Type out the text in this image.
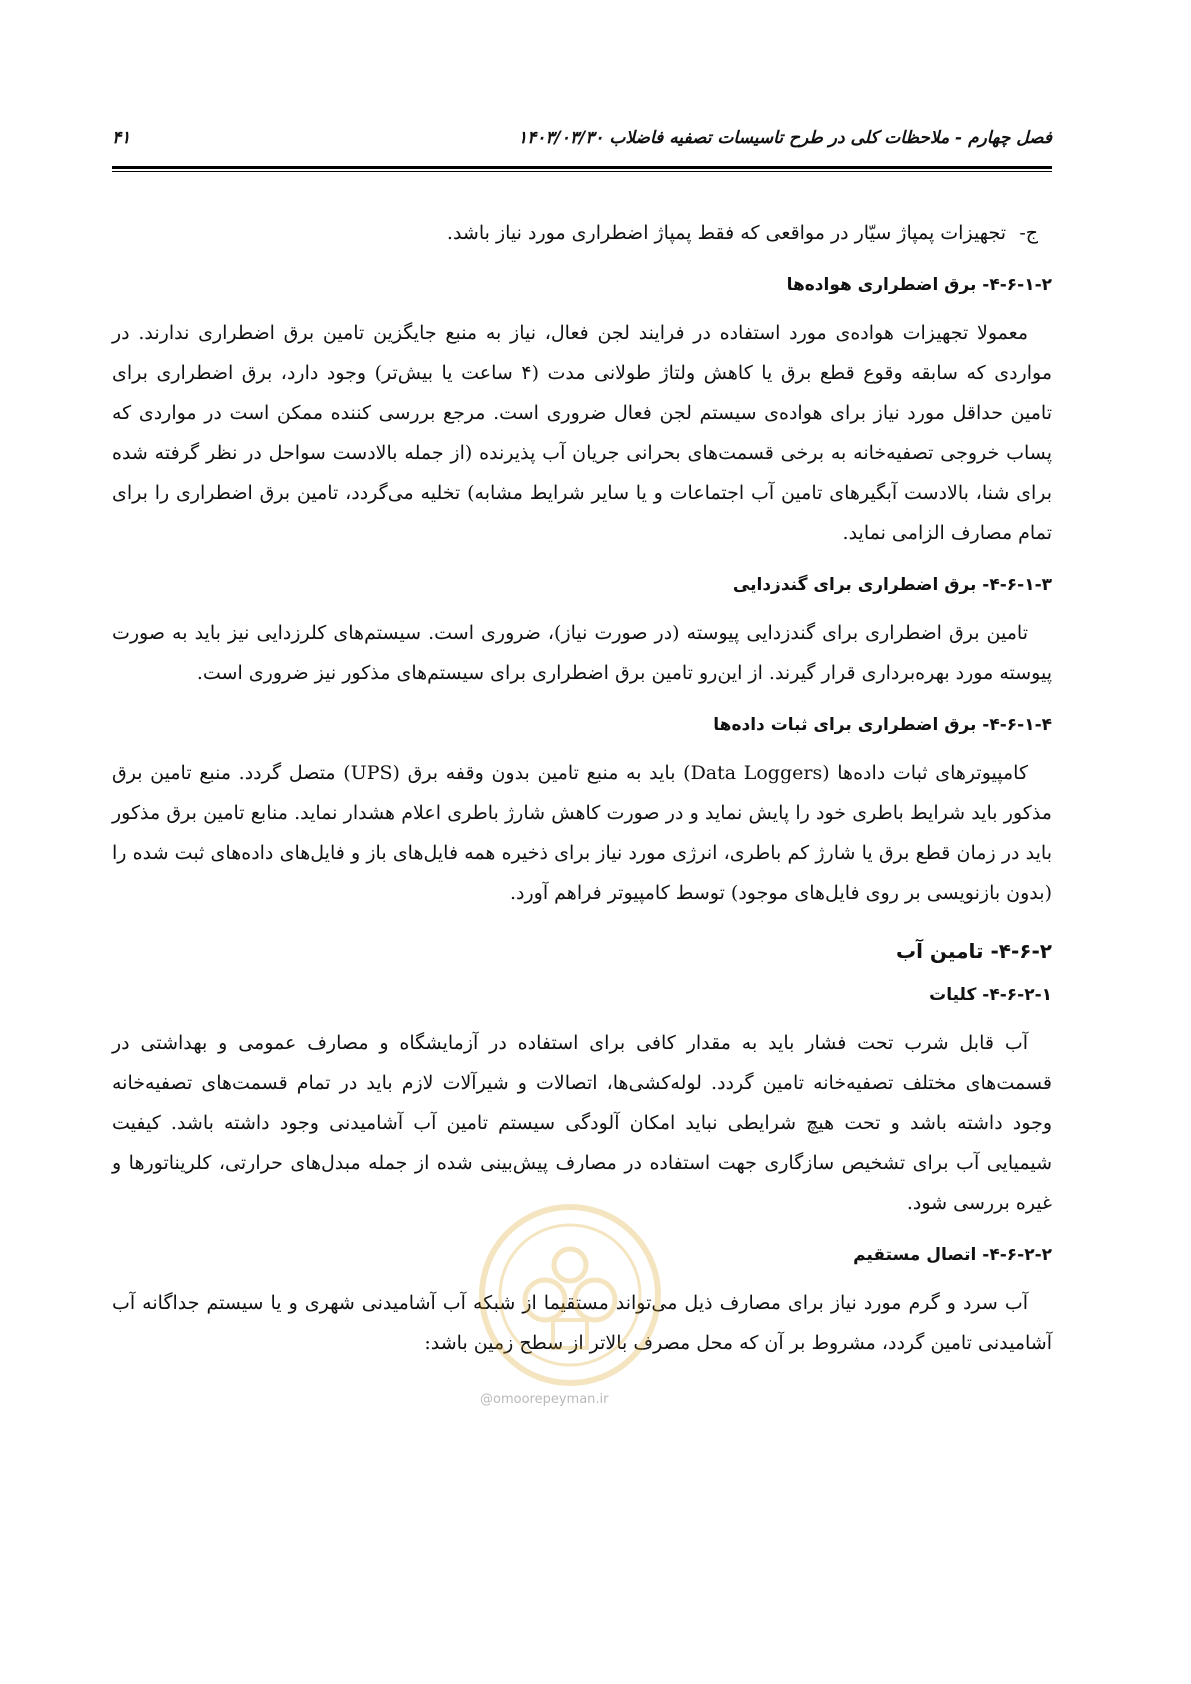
فصل چهارم - ملاحظات کلی در طرح تاسیسات تصفیه فاضلاب ۱۴۰۳/۰۳/۳۰
۴۱

ج-تجهیزات پمپاژ سیّار در مواقعی که فقط پمپاژ اضطراری مورد نیاز باشد.

۴-۶-۱-۲- برق اضطراری هواده‌ها

معمولا تجهیزات هواده‌ی مورد استفاده در فرایند لجن فعال، نیاز به منبع جایگزین تامین برق اضطراری ندارند. در مواردی که سابقه وقوع قطع برق یا کاهش ولتاژ طولانی مدت (۴ ساعت یا بیش‌تر) وجود دارد، برق اضطراری برای تامین حداقل مورد نیاز برای هواده‌ی سیستم لجن فعال ضروری است. مرجع بررسی کننده ممکن است در مواردی که پساب خروجی تصفیه‌خانه به برخی قسمت‌های بحرانی جریان آب پذیرنده (از جمله بالادست سواحل در نظر گرفته شده برای شنا، بالادست آبگیرهای تامین آب اجتماعات و یا سایر شرایط مشابه) تخلیه می‌گردد، تامین برق اضطراری را برای تمام مصارف الزامی نماید.

۴-۶-۱-۳- برق اضطراری برای گندزدایی

تامین برق اضطراری برای گندزدایی پیوسته (در صورت نیاز)، ضروری است. سیستم‌های کلرزدایی نیز باید به صورت پیوسته مورد بهره‌برداری قرار گیرند. از این‌رو تامین برق اضطراری برای سیستم‌های مذکور نیز ضروری است.

۴-۶-۱-۴- برق اضطراری برای ثبات داده‌ها

کامپیوترهای ثبات داده‌ها (Data Loggers) باید به منبع تامین بدون وقفه برق (UPS) متصل گردد. منبع تامین برق مذکور باید شرایط باطری خود را پایش نماید و در صورت کاهش شارژ باطری اعلام هشدار نماید. منابع تامین برق مذکور باید در زمان قطع برق یا شارژ کم باطری، انرژی مورد نیاز برای ذخیره همه فایل‌های باز و فایل‌های داده‌های ثبت شده را (بدون بازنویسی بر روی فایل‌های موجود) توسط کامپیوتر فراهم آورد.

۴-۶-۲- تامین آب
۴-۶-۲-۱- کلیات

آب قابل شرب تحت فشار باید به مقدار کافی برای استفاده در آزمایشگاه و مصارف عمومی و بهداشتی در قسمت‌های مختلف تصفیه‌خانه تامین گردد. لوله‌کشی‌ها، اتصالات و شیرآلات لازم باید در تمام قسمت‌های تصفیه‌خانه وجود داشته باشد و تحت هیچ شرایطی نباید امکان آلودگی سیستم تامین آب آشامیدنی وجود داشته باشد. کیفیت شیمیایی آب برای تشخیص سازگاری جهت استفاده در مصارف پیش‌بینی شده از جمله مبدل‌های حرارتی، کلریناتورها و غیره بررسی شود.

۴-۶-۲-۲- اتصال مستقیم

آب سرد و گرم مورد نیاز برای مصارف ذیل می‌تواند مستقیما از شبکه آب آشامیدنی شهری و یا سیستم جداگانه آب آشامیدنی تامین گردد، مشروط بر آن که محل مصرف بالاتر از سطح زمین باشد:

@omoorepeyman.ir
